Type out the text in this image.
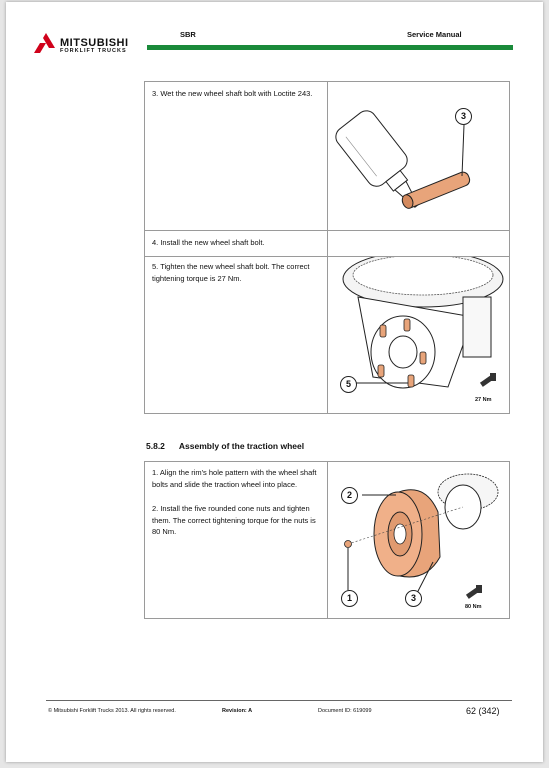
MITSUBISHI
FORKLIFT TRUCKS
SBR	Service Manual
3. Wet the new wheel shaft bolt with Loctite 243.
4. Install the new wheel shaft bolt.
5. Tighten the new wheel shaft bolt. The correct tightening torque is 27 Nm.
3
5
27 Nm
5.8.2 Assembly of the traction wheel
1. Align the rim's hole pattern with the wheel shaft bolts and slide the traction wheel into place.
2. Install the five rounded cone nuts and tighten them. The correct tightening torque for the nuts is 80 Nm.
1
2
3
80 Nm
© Mitsubishi Forklift Trucks 2013. All rights reserved.	Revision: A	Document ID: 619099	62 (342)
